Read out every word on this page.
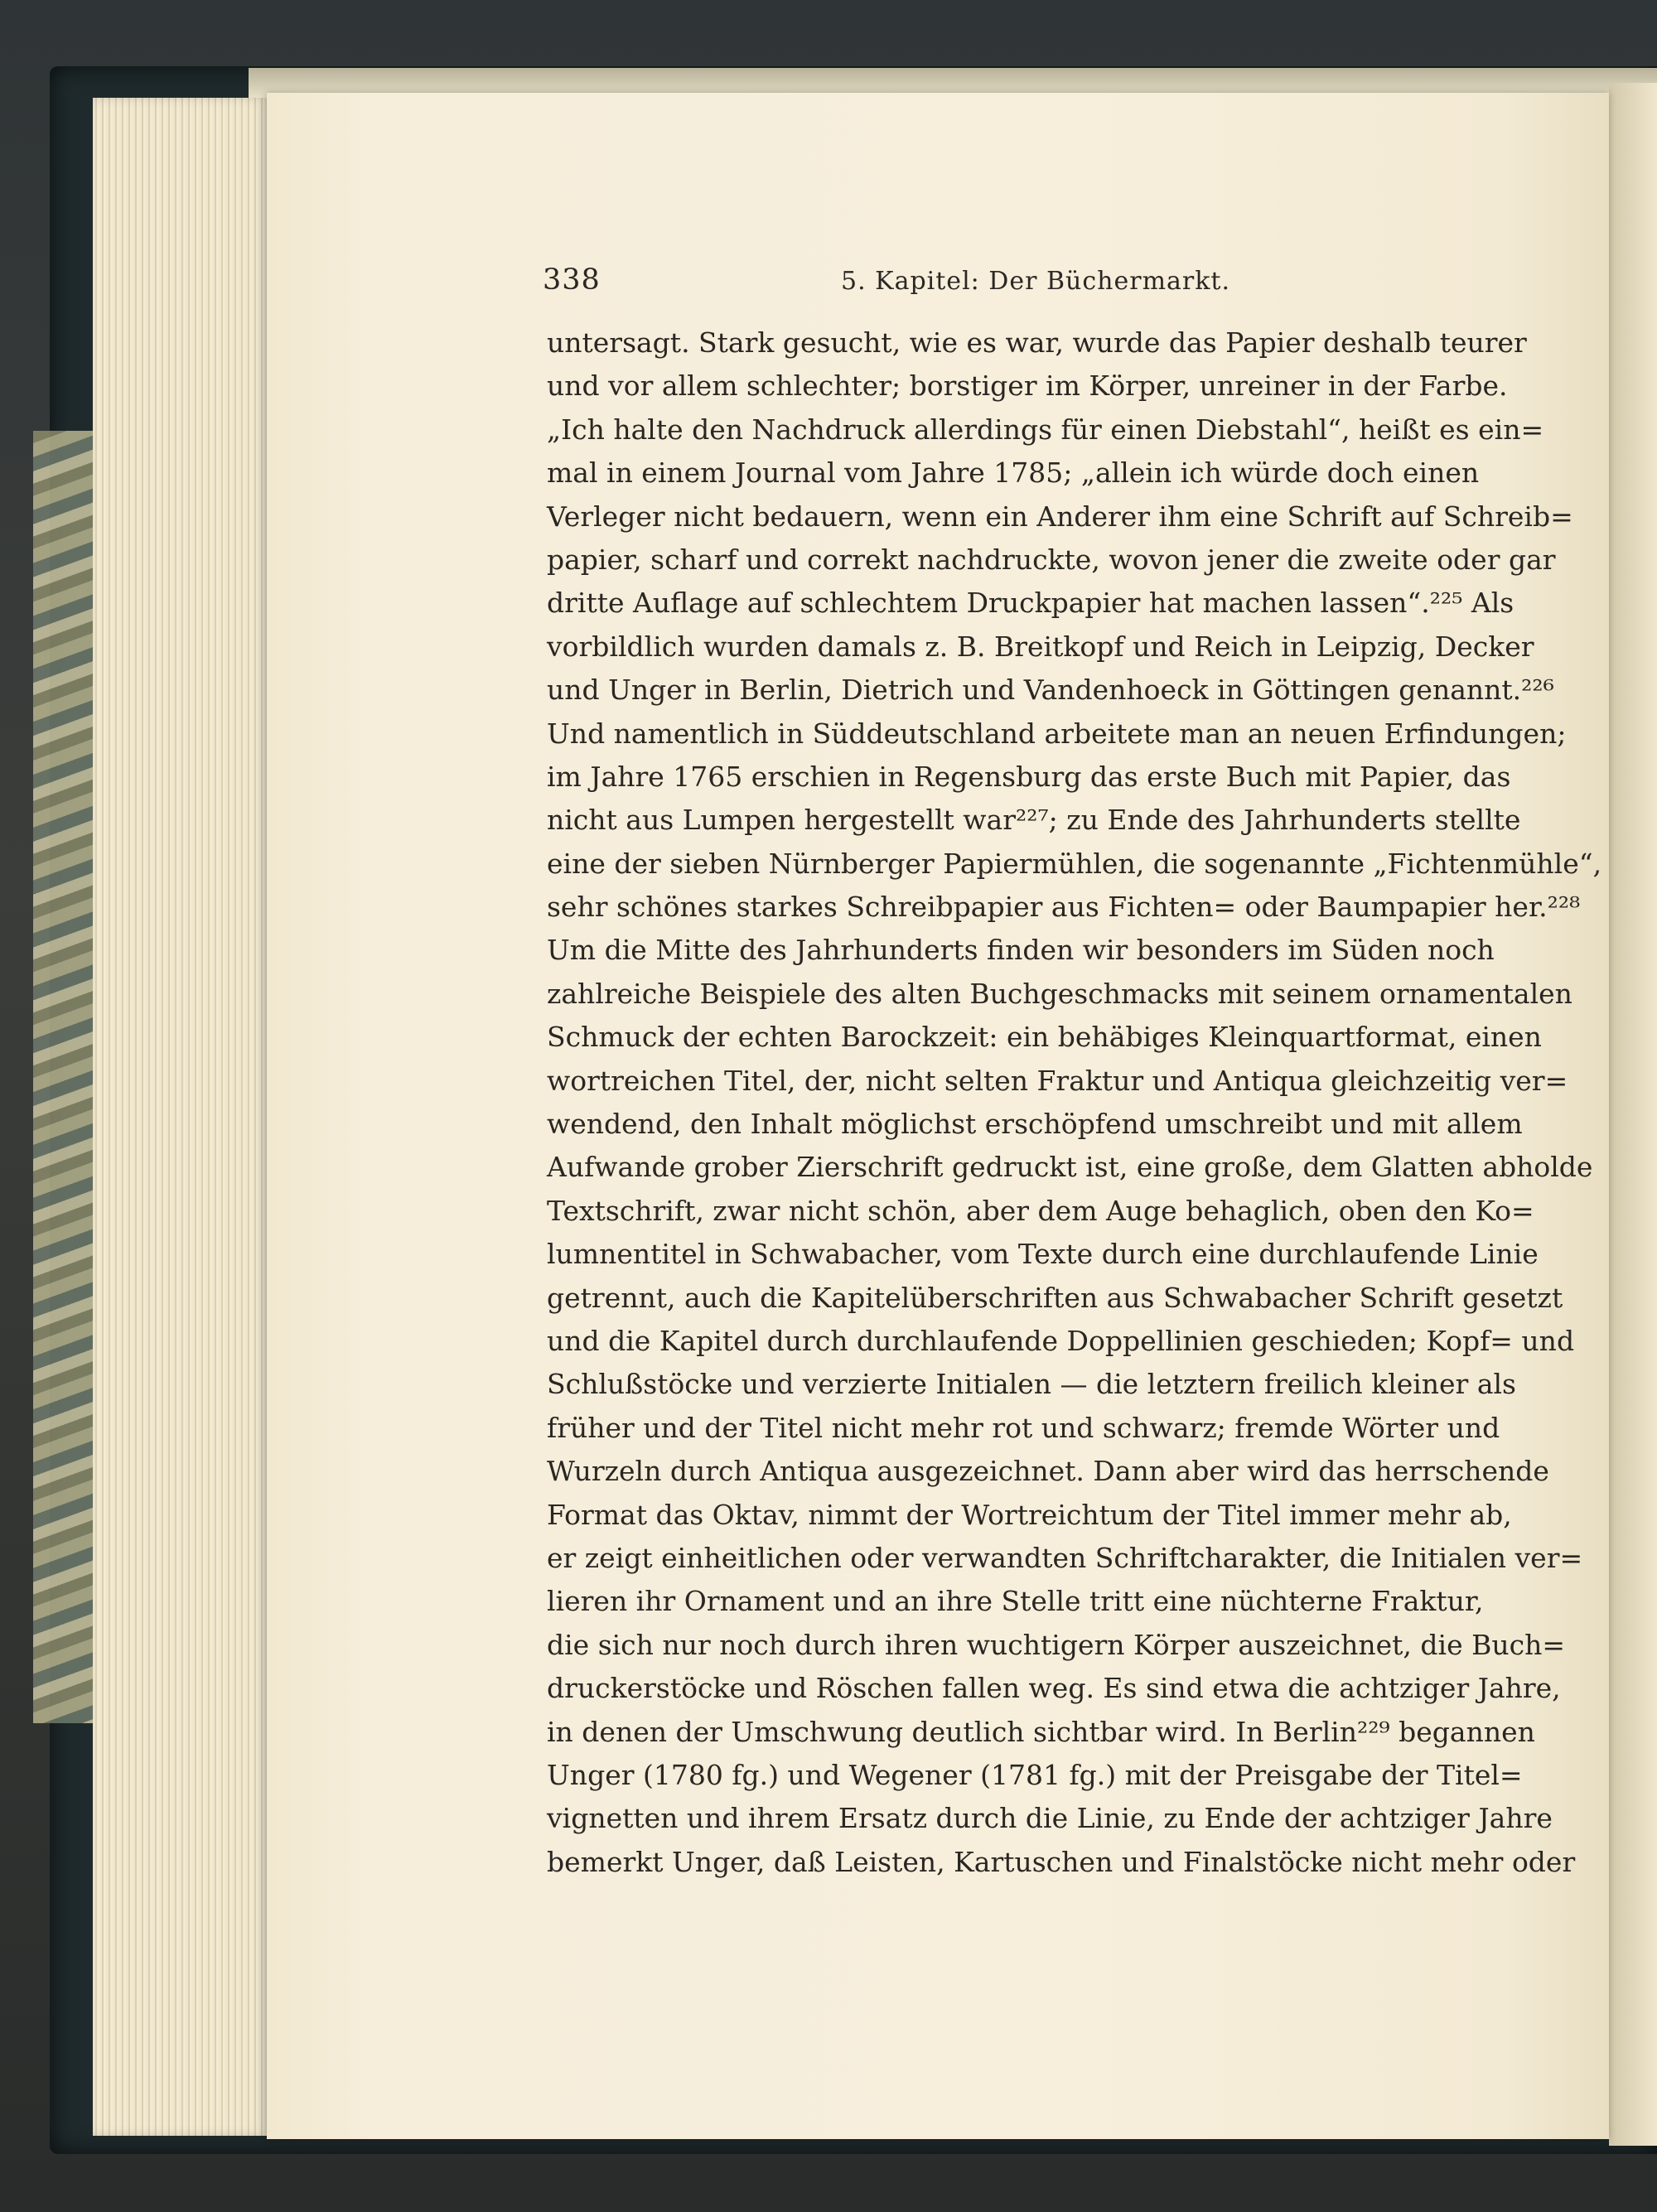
338	5. Kapitel: Der Büchermarkt.
untersagt. Stark gesucht, wie es war, wurde das Papier deshalb teurer
und vor allem schlechter; borstiger im Körper, unreiner in der Farbe.
„Ich halte den Nachdruck allerdings für einen Diebstahl“, heißt es ein=
mal in einem Journal vom Jahre 1785; „allein ich würde doch einen
Verleger nicht bedauern, wenn ein Anderer ihm eine Schrift auf Schreib=
papier, scharf und correkt nachdruckte, wovon jener die zweite oder gar
dritte Auflage auf schlechtem Druckpapier hat machen lassen“.²²⁵ Als
vorbildlich wurden damals z. B. Breitkopf und Reich in Leipzig, Decker
und Unger in Berlin, Dietrich und Vandenhoeck in Göttingen genannt.²²⁶
Und namentlich in Süddeutschland arbeitete man an neuen Erfindungen;
im Jahre 1765 erschien in Regensburg das erste Buch mit Papier, das
nicht aus Lumpen hergestellt war²²⁷; zu Ende des Jahrhunderts stellte
eine der sieben Nürnberger Papiermühlen, die sogenannte „Fichtenmühle“,
sehr schönes starkes Schreibpapier aus Fichten= oder Baumpapier her.²²⁸
Um die Mitte des Jahrhunderts finden wir besonders im Süden noch
zahlreiche Beispiele des alten Buchgeschmacks mit seinem ornamentalen
Schmuck der echten Barockzeit: ein behäbiges Kleinquartformat, einen
wortreichen Titel, der, nicht selten Fraktur und Antiqua gleichzeitig ver=
wendend, den Inhalt möglichst erschöpfend umschreibt und mit allem
Aufwande grober Zierschrift gedruckt ist, eine große, dem Glatten abholde
Textschrift, zwar nicht schön, aber dem Auge behaglich, oben den Ko=
lumnentitel in Schwabacher, vom Texte durch eine durchlaufende Linie
getrennt, auch die Kapitelüberschriften aus Schwabacher Schrift gesetzt
und die Kapitel durch durchlaufende Doppellinien geschieden; Kopf= und
Schlußstöcke und verzierte Initialen — die letztern freilich kleiner als
früher und der Titel nicht mehr rot und schwarz; fremde Wörter und
Wurzeln durch Antiqua ausgezeichnet. Dann aber wird das herrschende
Format das Oktav, nimmt der Wortreichtum der Titel immer mehr ab,
er zeigt einheitlichen oder verwandten Schriftcharakter, die Initialen ver=
lieren ihr Ornament und an ihre Stelle tritt eine nüchterne Fraktur,
die sich nur noch durch ihren wuchtigern Körper auszeichnet, die Buch=
druckerstöcke und Röschen fallen weg. Es sind etwa die achtziger Jahre,
in denen der Umschwung deutlich sichtbar wird. In Berlin²²⁹ begannen
Unger (1780 fg.) und Wegener (1781 fg.) mit der Preisgabe der Titel=
vignetten und ihrem Ersatz durch die Linie, zu Ende der achtziger Jahre
bemerkt Unger, daß Leisten, Kartuschen und Finalstöcke nicht mehr oder
